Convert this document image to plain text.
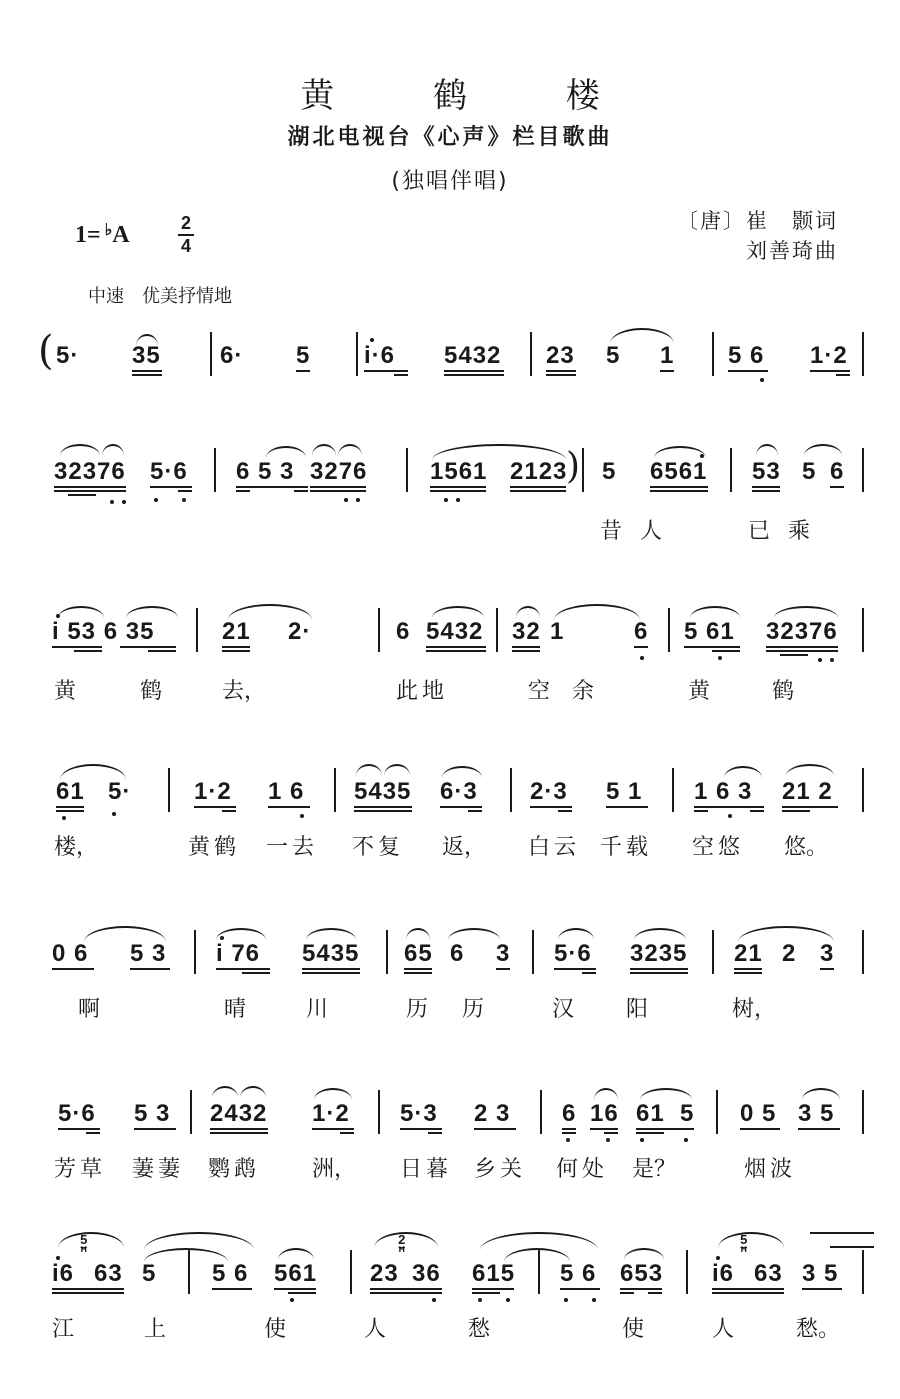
黄 鹤 楼
湖北电视台《心声》栏目歌曲
(独唱伴唱)
1= ♭A	2
4
〔唐〕崔　颢词
刘善琦曲
中速　优美抒情地
( 5· 35 6· 5 i·6 5432 23 5 1 5 6 1·2
32376 5·6 6 5 3 3276	1561 2123
) 5 6561 53 5 6
昔人	已乘
i 53 6 35	21 2·	6 5432 32 1	6 5 61 32376
黄	鹤	去，	此地	空 余	黄	鹤
61 5·	1·2 1 6 5435 6·3 2·3 5 1 1 6 3 21 2
楼，	黄鹤 一去 不复 返， 白云 千载 空悠 悠。
0 6 5 3 i 76 5435 65 6 3 5·6 3235 21 2 3
啊	晴	川	历 历	汉 阳	树，
5·6 5 3 2432 1·2 5·3 2 3 6 16 61 5 0 5 3 5
芳草 萋萋 鹦鹉 洲， 日暮 乡关 何处 是？	烟波
i6
5
ꟸ
63 5 5 6 561 23
2
ꟸ
36 615 5 6 653 i6
5
ꟸ
63 3 5
江	上	使	人	愁	使	人	愁。
